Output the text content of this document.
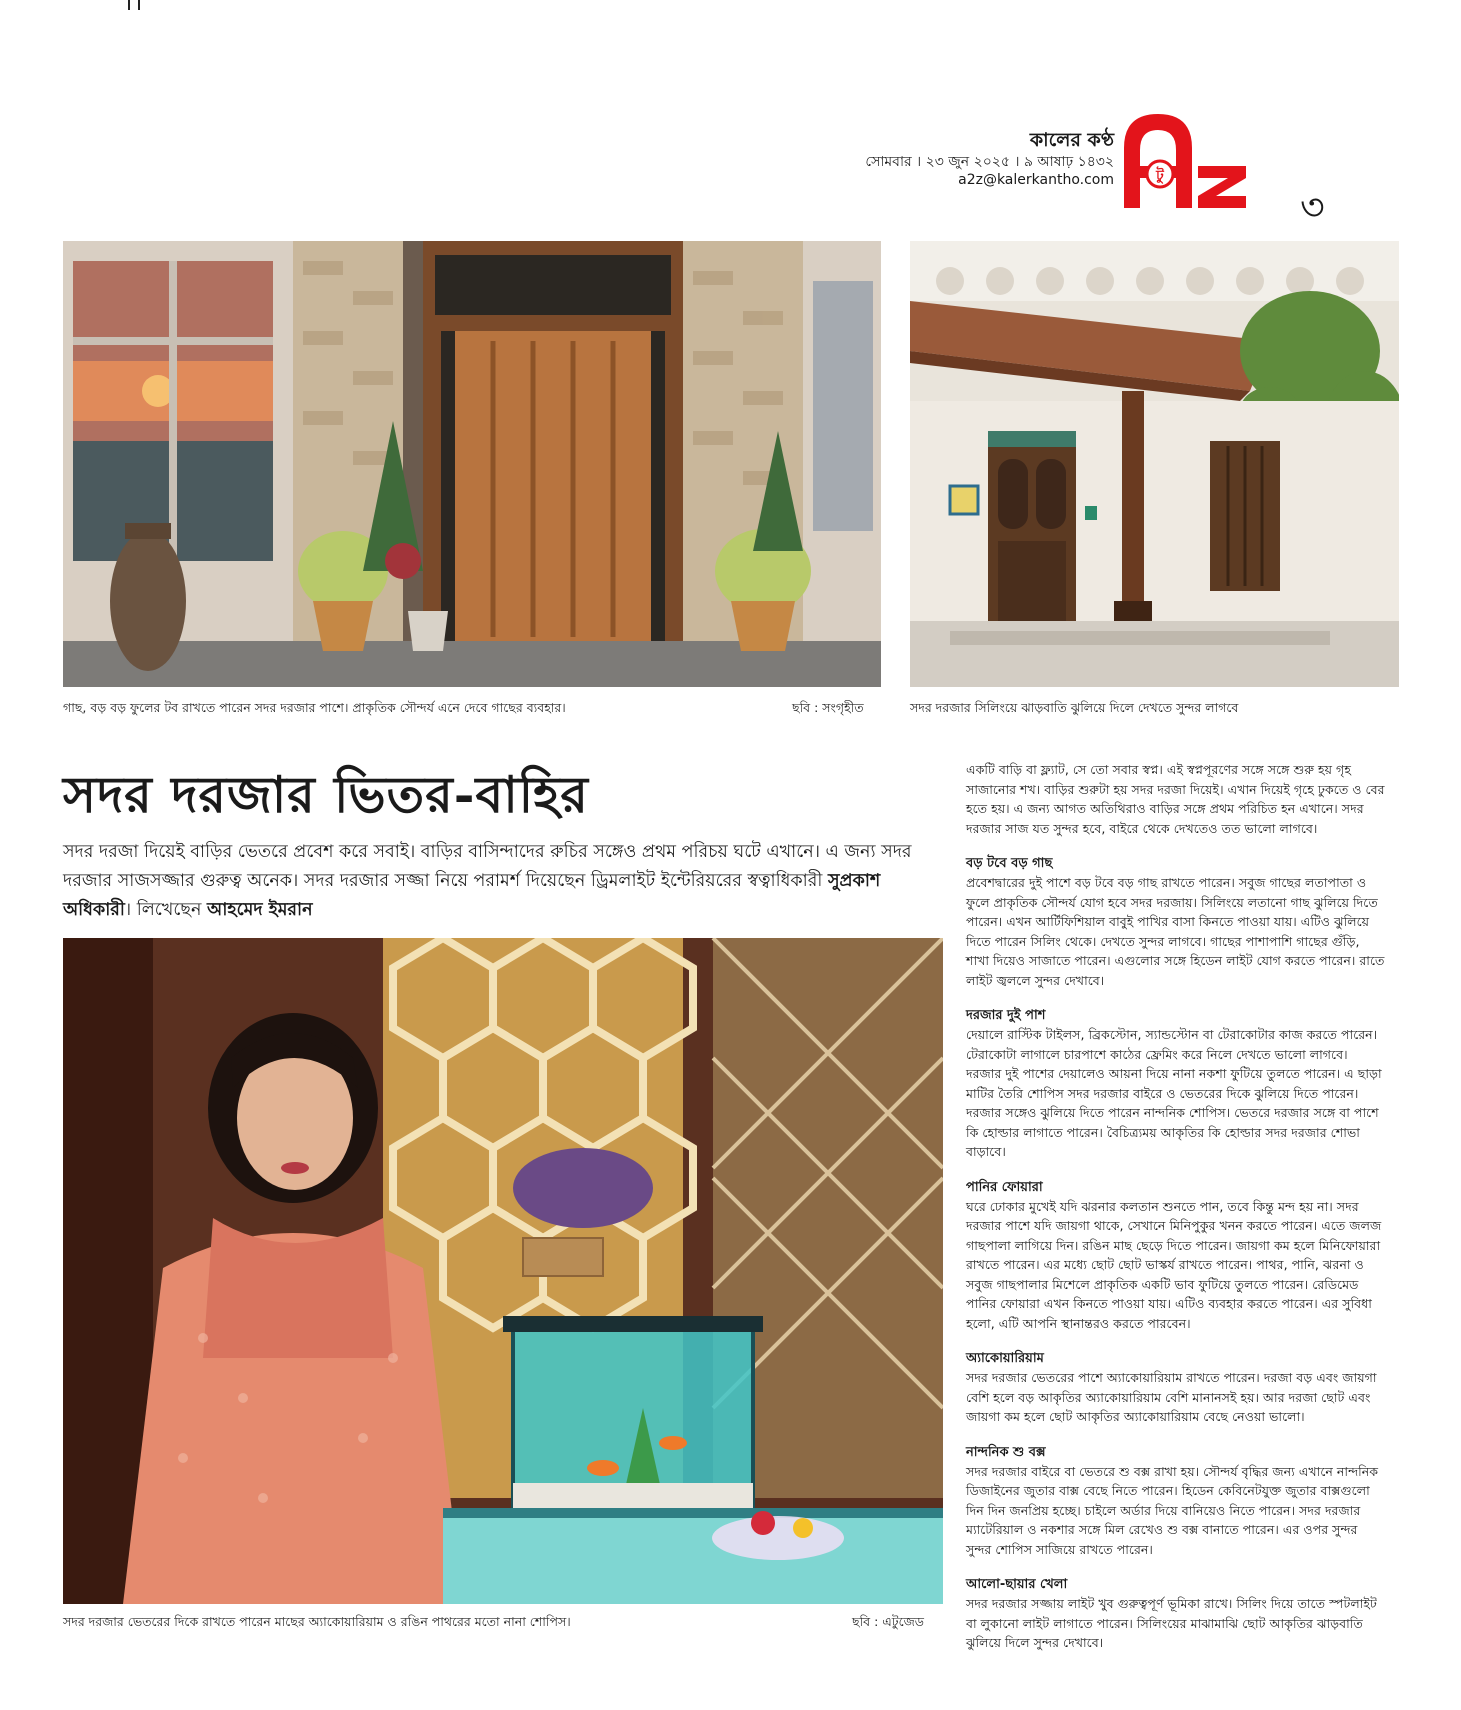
কালের কণ্ঠ
সোমবার । ২৩ জুন ২০২৫ । ৯ আষাঢ় ১৪৩২
a2z@kalerkantho.com	টু
৩
গাছ, বড় বড় ফুলের টব রাখতে পারেন সদর দরজার পাশে। প্রাকৃতিক সৌন্দর্য এনে দেবে গাছের ব্যবহার।	ছবি : সংগৃহীত	সদর দরজার সিলিংয়ে ঝাড়বাতি ঝুলিয়ে দিলে দেখতে সুন্দর লাগবে
সদর দরজার ভিতর-বাহির
সদর দরজা দিয়েই বাড়ির ভেতরে প্রবেশ করে সবাই। বাড়ির বাসিন্দাদের রুচির সঙ্গেও প্রথম পরিচয় ঘটে এখানে। এ জন্য সদর দরজার সাজসজ্জার গুরুত্ব অনেক। সদর দরজার সজ্জা নিয়ে পরামর্শ দিয়েছেন ড্রিমলাইট ইন্টেরিয়রের স্বত্বাধিকারী সুপ্রকাশ অধিকারী। লিখেছেন আহমেদ ইমরান
সদর দরজার ভেতরের দিকে রাখতে পারেন মাছের অ্যাকোয়ারিয়াম ও রঙিন পাথরের মতো নানা শোপিস।	ছবি : এটুজেড

একটি বাড়ি বা ফ্ল্যাট, সে তো সবার স্বপ্ন। এই স্বপ্নপূরণের সঙ্গে সঙ্গে শুরু হয় গৃহ সাজানোর শখ। বাড়ির শুরুটা হয় সদর দরজা দিয়েই। এখান দিয়েই গৃহে ঢুকতে ও বের হতে হয়। এ জন্য আগত অতিথিরাও বাড়ির সঙ্গে প্রথম পরিচিত হন এখানে। সদর দরজার সাজ যত সুন্দর হবে, বাইরে থেকে দেখতেও তত ভালো লাগবে।

বড় টবে বড় গাছ
প্রবেশদ্বারের দুই পাশে বড় টবে বড় গাছ রাখতে পারেন। সবুজ গাছের লতাপাতা ও ফুলে প্রাকৃতিক সৌন্দর্য যোগ হবে সদর দরজায়। সিলিংয়ে লতানো গাছ ঝুলিয়ে দিতে পারেন। এখন আর্টিফিশিয়াল বাবুই পাখির বাসা কিনতে পাওয়া যায়। এটিও ঝুলিয়ে দিতে পারেন সিলিং থেকে। দেখতে সুন্দর লাগবে। গাছের পাশাপাশি গাছের গুঁড়ি, শাখা দিয়েও সাজাতে পারেন। এগুলোর সঙ্গে হিডেন লাইট যোগ করতে পারেন। রাতে লাইট জ্বললে সুন্দর দেখাবে।
দরজার দুই পাশ
দেয়ালে রাস্টিক টাইলস, ব্রিকস্টোন, স্যান্ডস্টোন বা টেরাকোটার কাজ করতে পারেন। টেরাকোটা লাগালে চারপাশে কাঠের ফ্রেমিং করে নিলে দেখতে ভালো লাগবে। দরজার দুই পাশের দেয়ালেও আয়না দিয়ে নানা নকশা ফুটিয়ে তুলতে পারেন। এ ছাড়া মাটির তৈরি শোপিস সদর দরজার বাইরে ও ভেতরের দিকে ঝুলিয়ে দিতে পারেন। দরজার সঙ্গেও ঝুলিয়ে দিতে পারেন নান্দনিক শোপিস। ভেতরে দরজার সঙ্গে বা পাশে কি হোল্ডার লাগাতে পারেন। বৈচিত্র্যময় আকৃতির কি হোল্ডার সদর দরজার শোভা বাড়াবে।
পানির ফোয়ারা
ঘরে ঢোকার মুখেই যদি ঝরনার কলতান শুনতে পান, তবে কিন্তু মন্দ হয় না। সদর দরজার পাশে যদি জায়গা থাকে, সেখানে মিনিপুকুর খনন করতে পারেন। এতে জলজ গাছপালা লাগিয়ে দিন। রঙিন মাছ ছেড়ে দিতে পারেন। জায়গা কম হলে মিনিফোয়ারা রাখতে পারেন। এর মধ্যে ছোট ছোট ভাস্কর্য রাখতে পারেন। পাথর, পানি, ঝরনা ও সবুজ গাছপালার মিশেলে প্রাকৃতিক একটি ভাব ফুটিয়ে তুলতে পারেন। রেডিমেড পানির ফোয়ারা এখন কিনতে পাওয়া যায়। এটিও ব্যবহার করতে পারেন। এর সুবিধা হলো, এটি আপনি স্থানান্তরও করতে পারবেন।
অ্যাকোয়ারিয়াম
সদর দরজার ভেতরের পাশে অ্যাকোয়ারিয়াম রাখতে পারেন। দরজা বড় এবং জায়গা বেশি হলে বড় আকৃতির অ্যাকোয়ারিয়াম বেশি মানানসই হয়। আর দরজা ছোট এবং জায়গা কম হলে ছোট আকৃতির অ্যাকোয়ারিয়াম বেছে নেওয়া ভালো।
নান্দনিক শু বক্স
সদর দরজার বাইরে বা ভেতরে শু বক্স রাখা হয়। সৌন্দর্য বৃদ্ধির জন্য এখানে নান্দনিক ডিজাইনের জুতার বাক্স বেছে নিতে পারেন। হিডেন কেবিনেটযুক্ত জুতার বাক্সগুলো দিন দিন জনপ্রিয় হচ্ছে। চাইলে অর্ডার দিয়ে বানিয়েও নিতে পারেন। সদর দরজার ম্যাটেরিয়াল ও নকশার সঙ্গে মিল রেখেও শু বক্স বানাতে পারেন। এর ওপর সুন্দর সুন্দর শোপিস সাজিয়ে রাখতে পারেন।
আলো-ছায়ার খেলা
সদর দরজার সজ্জায় লাইট খুব গুরুত্বপূর্ণ ভূমিকা রাখে। সিলিং দিয়ে তাতে স্পটলাইট বা লুকানো লাইট লাগাতে পারেন। সিলিংয়ের মাঝামাঝি ছোট আকৃতির ঝাড়বাতি ঝুলিয়ে দিলে সুন্দর দেখাবে।
